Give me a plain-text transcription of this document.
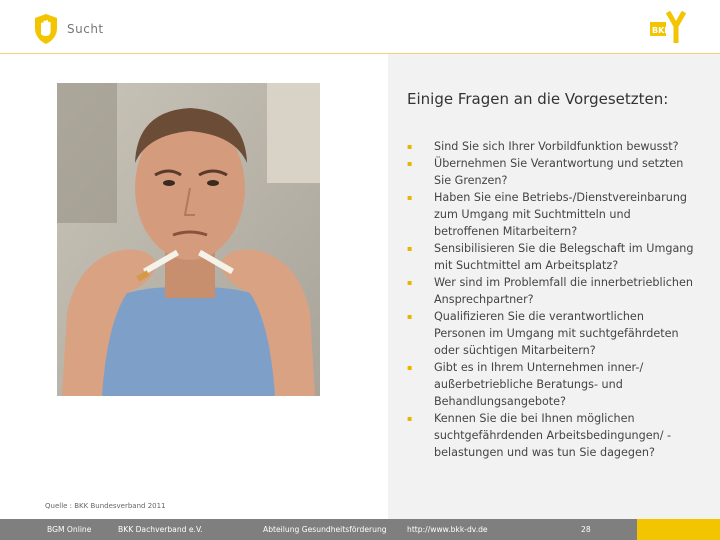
Sucht	BKK
Einige Fragen an die Vorgesetzten:
▪ Sind Sie sich Ihrer Vorbildfunktion bewusst?
▪ Übernehmen Sie Verantwortung und setzten Sie Grenzen?
▪ Haben Sie eine Betriebs-/Dienstvereinbarung zum Umgang mit Suchtmitteln und betroffenen Mitarbeitern?
▪ Sensibilisieren Sie die Belegschaft im Umgang mit Suchtmittel am Arbeitsplatz?
▪ Wer sind im Problemfall die innerbetrieblichen Ansprechpartner?
▪ Qualifizieren Sie die verantwortlichen Personen im Umgang mit suchtgefährdeten oder süchtigen Mitarbeitern?
▪ Gibt es in Ihrem Unternehmen inner-/ außerbetriebliche Beratungs- und Behandlungsangebote?
▪ Kennen Sie die bei Ihnen möglichen suchtgefährdenden Arbeitsbedingungen/ -belastungen und was tun Sie dagegen?
Quelle : BKK Bundesverband 2011
BGM Online	BKK Dachverband e.V.	Abteilung Gesundheitsförderung	http://www.bkk-dv.de	28
